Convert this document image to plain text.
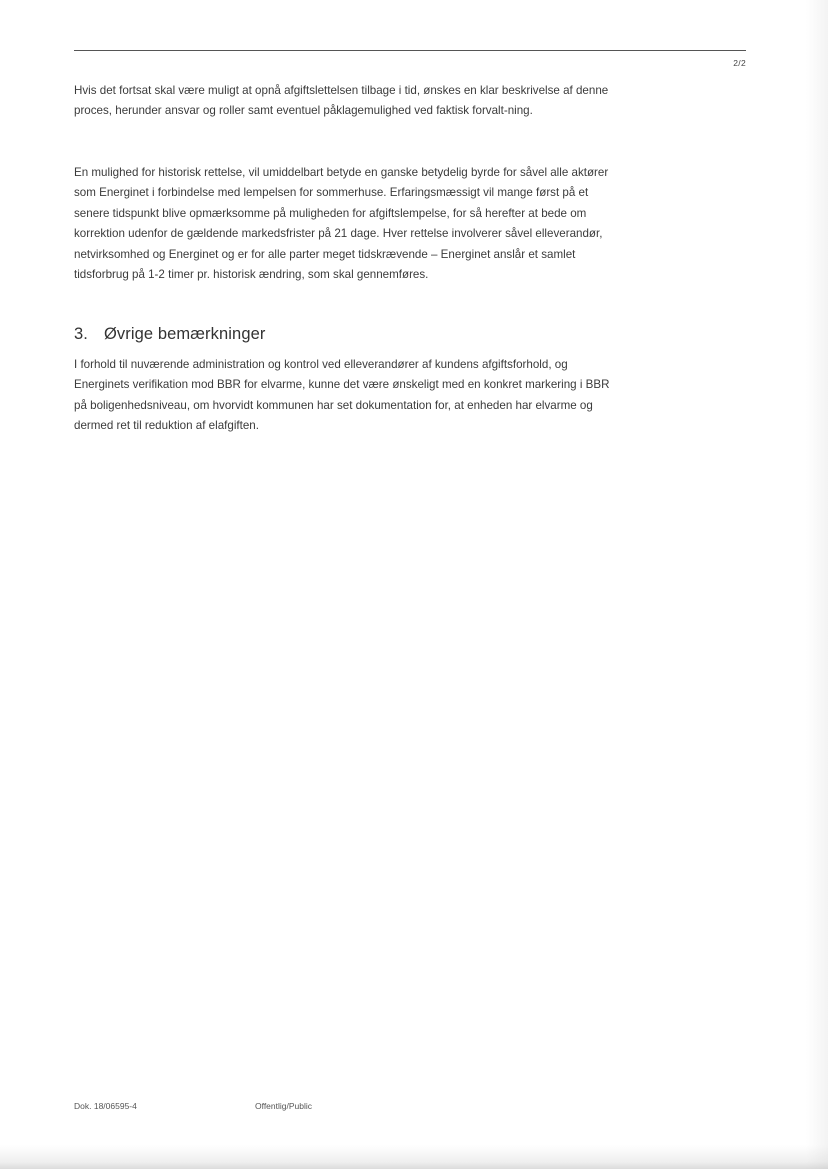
2/2

Hvis det fortsat skal være muligt at opnå afgiftslettelsen tilbage i tid, ønskes en klar beskrivelse af denne proces, herunder ansvar og roller samt eventuel påklagemulighed ved faktisk forvalt-ning.

En mulighed for historisk rettelse, vil umiddelbart betyde en ganske betydelig byrde for såvel alle aktører som Energinet i forbindelse med lempelsen for sommerhuse. Erfaringsmæssigt vil mange først på et senere tidspunkt blive opmærksomme på muligheden for afgiftslempelse, for så herefter at bede om korrektion udenfor de gældende markedsfrister på 21 dage. Hver rettelse involverer såvel elleverandør, netvirksomhed og Energinet og er for alle parter meget tidskrævende – Energinet anslår et samlet tidsforbrug på 1-2 timer pr. historisk ændring, som skal gennemføres.

3. Øvrige bemærkninger

I forhold til nuværende administration og kontrol ved elleverandører af kundens afgiftsforhold, og Energinets verifikation mod BBR for elvarme, kunne det være ønskeligt med en konkret markering i BBR på boligenhedsniveau, om hvorvidt kommunen har set dokumentation for, at enheden har elvarme og dermed ret til reduktion af elafgiften.

Dok. 18/06595-4	Offentlig/Public
